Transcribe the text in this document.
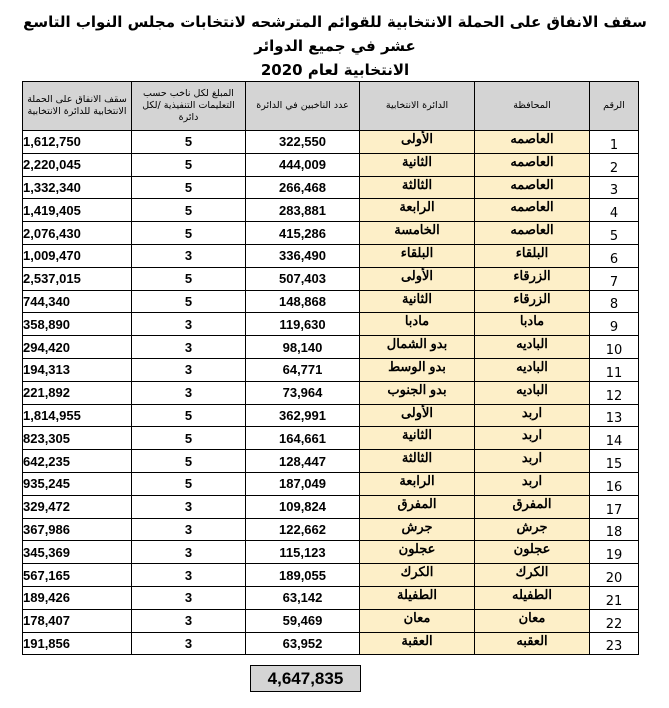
سقف الانفاق على الحملة الانتخابية للقوائم المترشحه لانتخابات مجلس النواب التاسع عشر في جميع الدوائر
الانتخابية لعام 2020
الرقم	المحافظة	الدائرة الانتخابية	عدد الناخبين في الدائرة	المبلغ لكل ناخب حسب التعليمات التنفيذية /لكل دائرة	سقف الانفاق على الحملة الانتخابية للدائرة الانتخابية
1	العاصمه	الأولى	322,550	5	1,612,750
2	العاصمه	الثانية	444,009	5	2,220,045
3	العاصمه	الثالثة	266,468	5	1,332,340
4	العاصمه	الرابعة	283,881	5	1,419,405
5	العاصمه	الخامسة	415,286	5	2,076,430
6	البلقاء	البلقاء	336,490	3	1,009,470
7	الزرقاء	الأولى	507,403	5	2,537,015
8	الزرقاء	الثانية	148,868	5	744,340
9	مادبا	مادبا	119,630	3	358,890
10	الباديه	بدو الشمال	98,140	3	294,420
11	الباديه	بدو الوسط	64,771	3	194,313
12	الباديه	بدو الجنوب	73,964	3	221,892
13	اربد	الأولى	362,991	5	1,814,955
14	اربد	الثانية	164,661	5	823,305
15	اربد	الثالثة	128,447	5	642,235
16	اربد	الرابعة	187,049	5	935,245
17	المفرق	المفرق	109,824	3	329,472
18	جرش	جرش	122,662	3	367,986
19	عجلون	عجلون	115,123	3	345,369
20	الكرك	الكرك	189,055	3	567,165
21	الطفيله	الطفيلة	63,142	3	189,426
22	معان	معان	59,469	3	178,407
23	العقبه	العقبة	63,952	3	191,856
4,647,835
